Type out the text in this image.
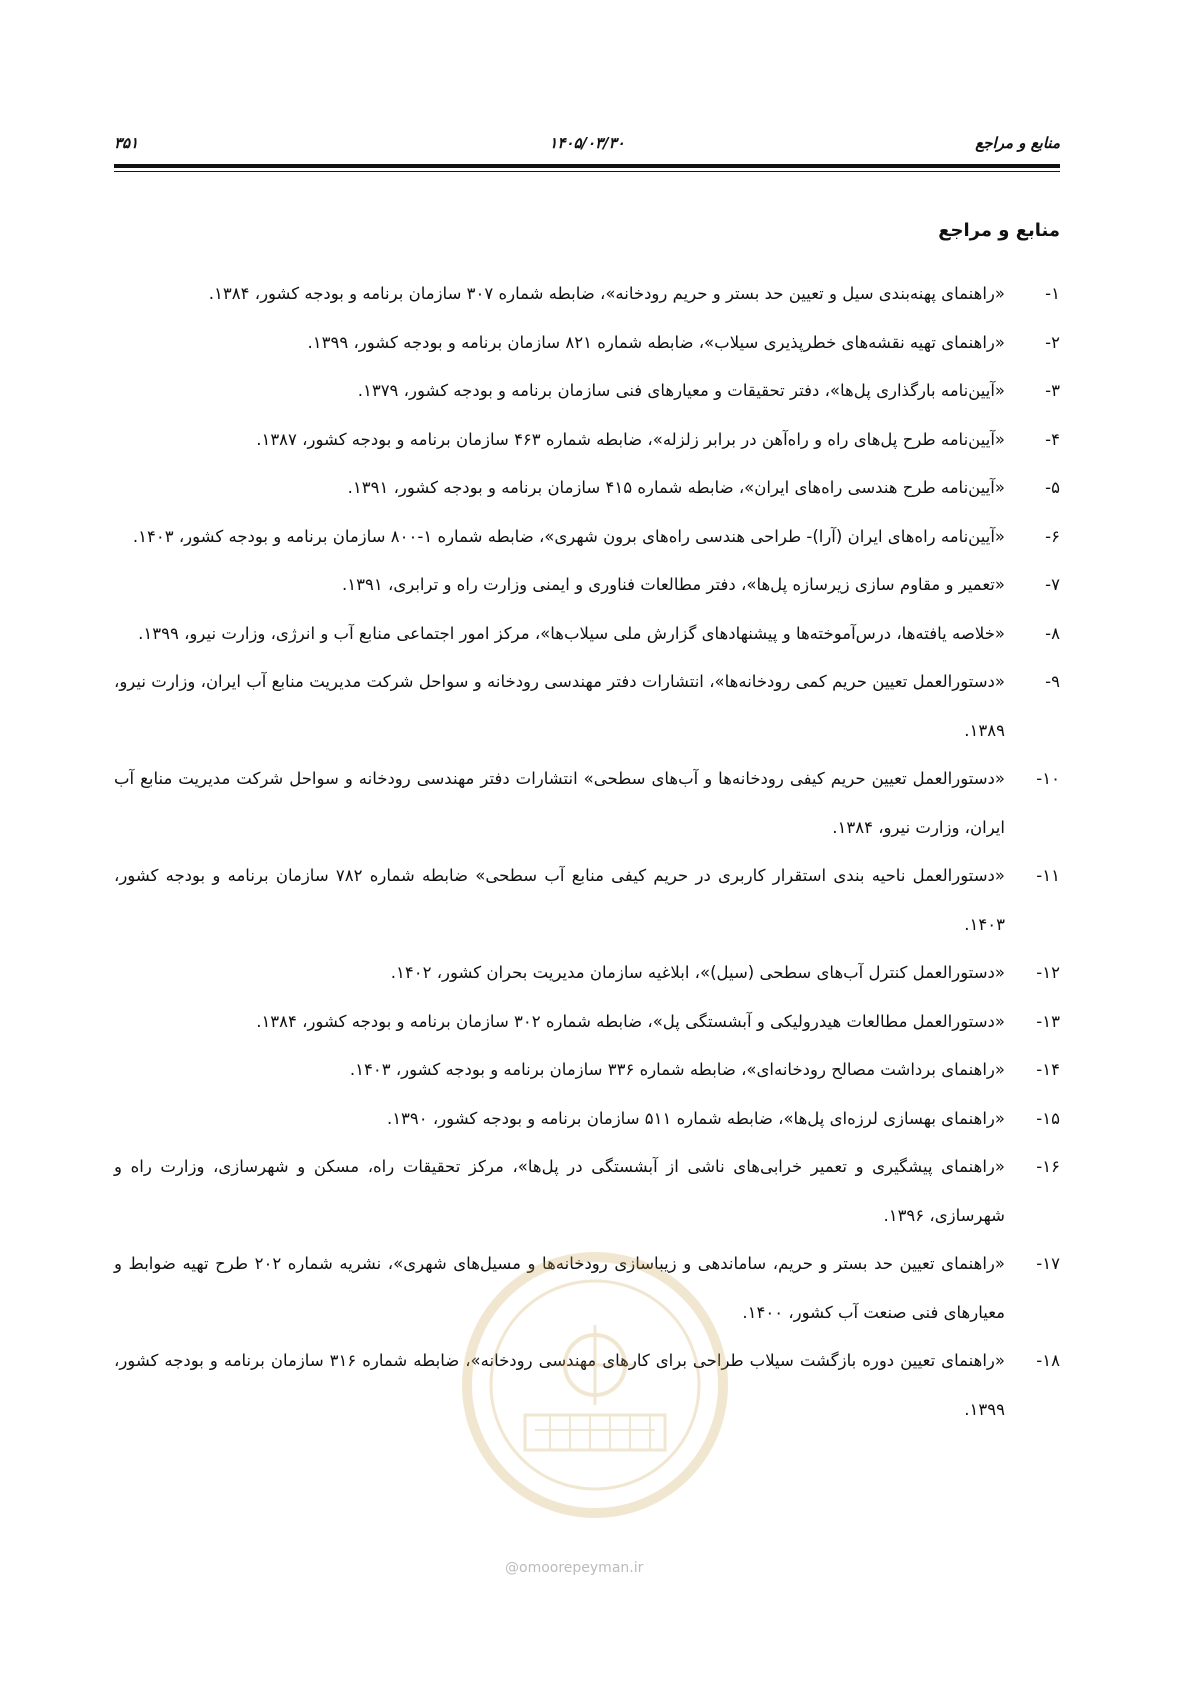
منابع و مراجع
۱۴۰۵/۰۳/۳۰
۳۵۱
منابع و مراجع
۱-
«راهنمای پهنه‌بندی سیل و تعیین حد بستر و حریم رودخانه»، ضابطه شماره ۳۰۷ سازمان برنامه و بودجه کشور، ۱۳۸۴.
۲-
«راهنمای تهیه نقشه‌های خطرپذیری سیلاب»، ضابطه شماره ۸۲۱ سازمان برنامه و بودجه کشور، ۱۳۹۹.
۳-
«آیین‌نامه بارگذاری پل‌ها»، دفتر تحقیقات و معیارهای فنی سازمان برنامه و بودجه کشور، ۱۳۷۹.
۴-
«آیین‌نامه طرح پل‌های راه و راه‌آهن در برابر زلزله»، ضابطه شماره ۴۶۳ سازمان برنامه و بودجه کشور، ۱۳۸۷.
۵-
«آیین‌نامه طرح هندسی راه‌های ایران»، ضابطه شماره ۴۱۵ سازمان برنامه و بودجه کشور، ۱۳۹۱.
۶-
«آیین‌نامه راه‌های ایران (آرا)- طراحی هندسی راه‌های برون شهری»، ضابطه شماره ۱-۸۰۰ سازمان برنامه و بودجه کشور، ۱۴۰۳.
۷-
«تعمیر و مقاوم سازی زیرسازه پل‌ها»، دفتر مطالعات فناوری و ایمنی وزارت راه و ترابری، ۱۳۹۱.
۸-
«خلاصه یافته‌ها، درس‌آموخته‌ها و پیشنهادهای گزارش ملی سیلاب‌ها»، مرکز امور اجتماعی منابع آب و انرژی، وزارت نیرو، ۱۳۹۹.
۹-
«دستورالعمل تعیین حریم کمی رودخانه‌ها»، انتشارات دفتر مهندسی رودخانه و سواحل شرکت مدیریت منابع آب ایران، وزارت نیرو، ۱۳۸۹.
۱۰-
«دستورالعمل تعیین حریم کیفی رودخانه‌ها و آب‌های سطحی» انتشارات دفتر مهندسی رودخانه و سواحل شرکت مدیریت منابع آب ایران، وزارت نیرو، ۱۳۸۴.
۱۱-
«دستورالعمل ناحیه بندی استقرار کاربری در حریم کیفی منابع آب سطحی» ضابطه شماره ۷۸۲ سازمان برنامه و بودجه کشور، ۱۴۰۳.
۱۲-
«دستورالعمل کنترل آب‌های سطحی (سیل)»، ابلاغیه سازمان مدیریت بحران کشور، ۱۴۰۲.
۱۳-
«دستورالعمل مطالعات هیدرولیکی و آبشستگی پل»، ضابطه شماره ۳۰۲ سازمان برنامه و بودجه کشور، ۱۳۸۴.
۱۴-
«راهنمای برداشت مصالح رودخانه‌ای»، ضابطه شماره ۳۳۶ سازمان برنامه و بودجه کشور، ۱۴۰۳.
۱۵-
«راهنمای بهسازی لرزه‌ای پل‌ها»، ضابطه شماره ۵۱۱ سازمان برنامه و بودجه کشور، ۱۳۹۰.
۱۶-
«راهنمای پیشگیری و تعمیر خرابی‌های ناشی از آبشستگی در پل‌ها»، مرکز تحقیقات راه، مسکن و شهرسازی، وزارت راه و شهرسازی، ۱۳۹۶.
۱۷-
«راهنمای تعیین حد بستر و حریم، ساماندهی و زیباسازی رودخانه‌ها و مسیل‌های شهری»، نشریه شماره ۲۰۲ طرح تهیه ضوابط و معیارهای فنی صنعت آب کشور، ۱۴۰۰.
۱۸-
«راهنمای تعیین دوره بازگشت سیلاب طراحی برای کارهای مهندسی رودخانه»، ضابطه شماره ۳۱۶ سازمان برنامه و بودجه کشور، ۱۳۹۹.
@omoorepeyman.ir
